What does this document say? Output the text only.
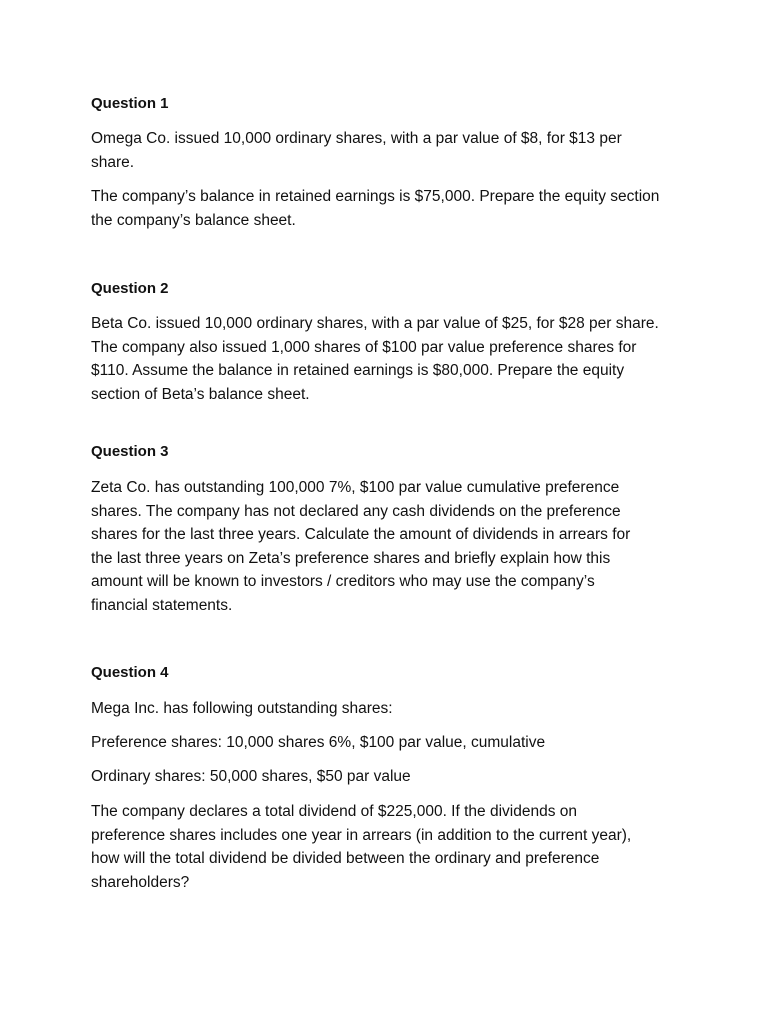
Question 1

Omega Co. issued 10,000 ordinary shares, with a par value of $8, for $13 per
share.

The company’s balance in retained earnings is $75,000. Prepare the equity section
the company’s balance sheet.

Question 2

Beta Co. issued 10,000 ordinary shares, with a par value of $25, for $28 per share.
The company also issued 1,000 shares of $100 par value preference shares for
$110. Assume the balance in retained earnings is $80,000. Prepare the equity
section of Beta’s balance sheet.

Question 3

Zeta Co. has outstanding 100,000 7%, $100 par value cumulative preference
shares. The company has not declared any cash dividends on the preference
shares for the last three years. Calculate the amount of dividends in arrears for
the last three years on Zeta’s preference shares and briefly explain how this
amount will be known to investors / creditors who may use the company’s
financial statements.

Question 4

Mega Inc. has following outstanding shares:

Preference shares: 10,000 shares 6%, $100 par value, cumulative

Ordinary shares: 50,000 shares, $50 par value

The company declares a total dividend of $225,000. If the dividends on
preference shares includes one year in arrears (in addition to the current year),
how will the total dividend be divided between the ordinary and preference
shareholders?
